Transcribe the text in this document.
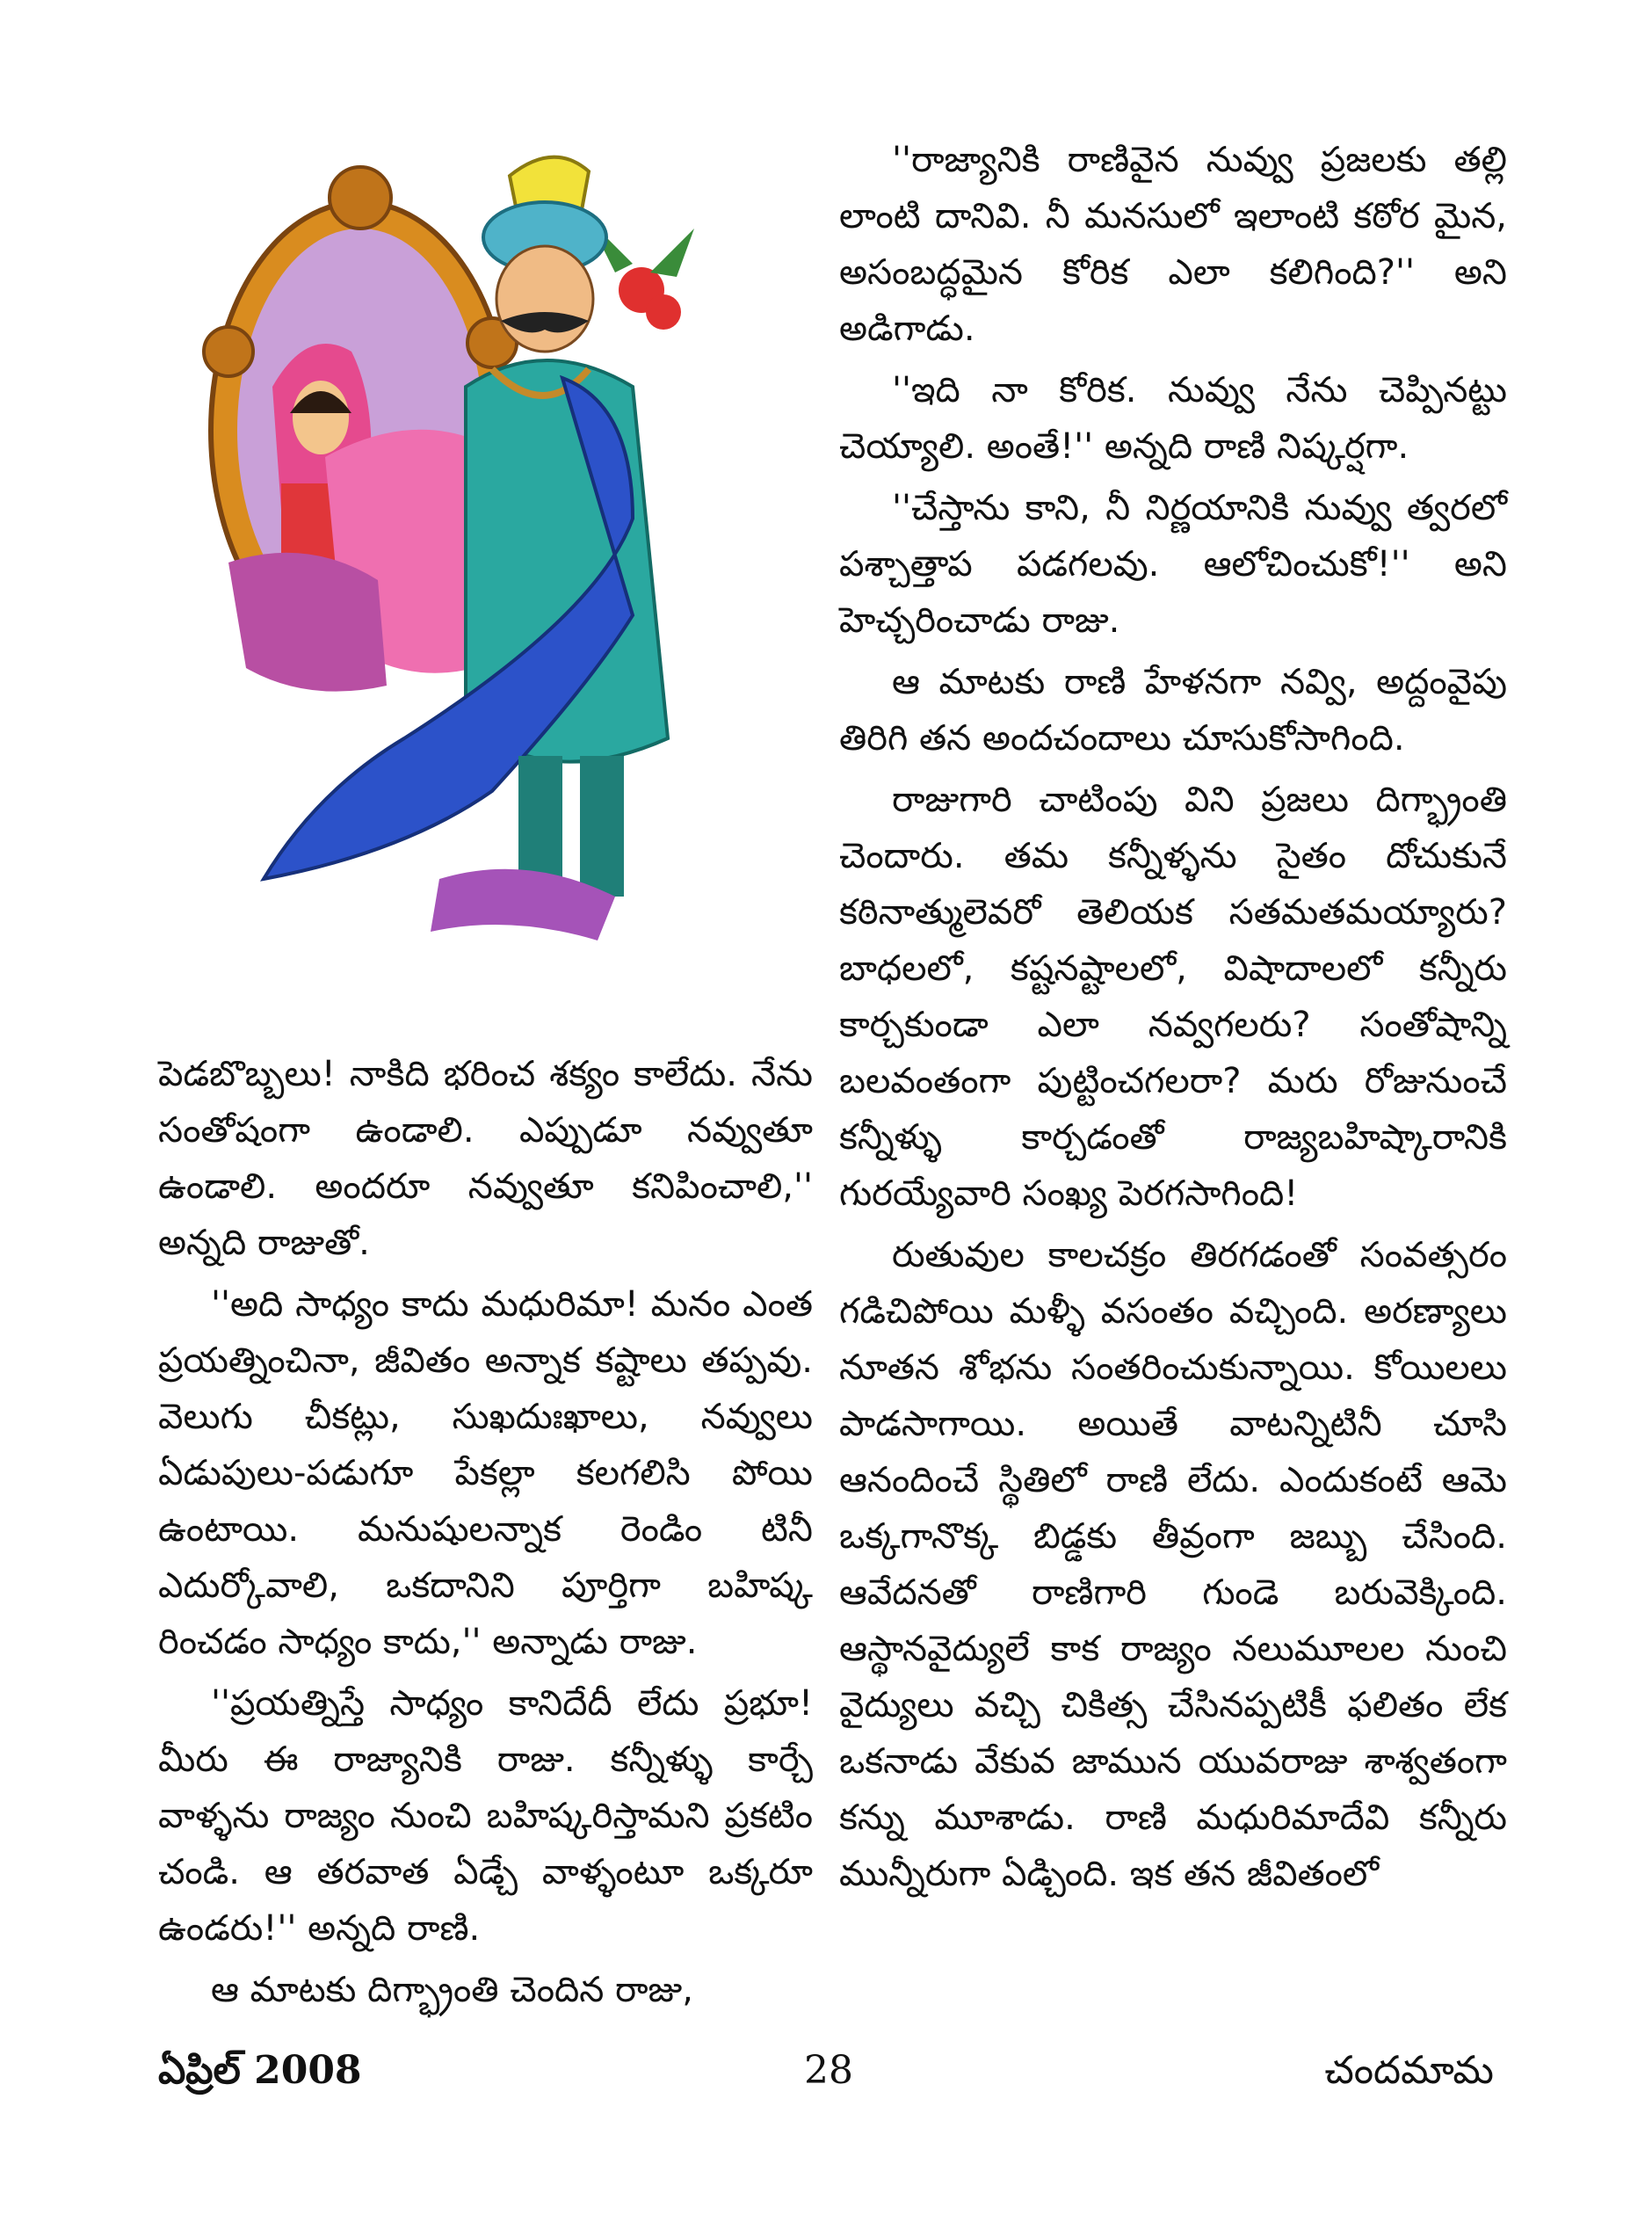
''రాజ్యానికి రాణివైన నువ్వు ప్రజలకు తల్లి లాంటి దానివి. నీ మనసులో ఇలాంటి కఠోర మైన, అసంబద్ధమైన కోరిక ఎలా కలిగింది?'' అని అడిగాడు.

''ఇది నా కోరిక. నువ్వు నేను చెప్పినట్టు చెయ్యాలి. అంతే!'' అన్నది రాణి నిష్కర్షగా.

''చేస్తాను కాని, నీ నిర్ణయానికి నువ్వు త్వరలో పశ్చాత్తాప పడగలవు. ఆలోచించుకో!'' అని హెచ్చరించాడు రాజు.

ఆ మాటకు రాణి హేళనగా నవ్వి, అద్దంవైపు తిరిగి తన అందచందాలు చూసుకోసాగింది.

రాజుగారి చాటింపు విని ప్రజలు దిగ్భ్రాంతి చెందారు. తమ కన్నీళ్ళను సైతం దోచుకునే కఠినాత్ములెవరో తెలియక సతమతమయ్యారు? బాధలలో, కష్టనష్టాలలో, విషాదాలలో కన్నీరు కార్చకుండా ఎలా నవ్వగలరు? సంతోషాన్ని బలవంతంగా పుట్టించగలరా? మరు రోజునుంచే కన్నీళ్ళు కార్చడంతో రాజ్యబహిష్కారానికి గురయ్యేవారి సంఖ్య పెరగసాగింది!

రుతువుల కాలచక్రం తిరగడంతో సంవత్సరం గడిచిపోయి మళ్ళీ వసంతం వచ్చింది. అరణ్యాలు నూతన శోభను సంతరించుకున్నాయి. కోయిలలు పాడసాగాయి. అయితే వాటన్నిటినీ చూసి ఆనందించే స్థితిలో రాణి లేదు. ఎందుకంటే ఆమె ఒక్కగానొక్క బిడ్డకు తీవ్రంగా జబ్బు చేసింది. ఆవేదనతో రాణిగారి గుండె బరువెక్కింది. ఆస్థానవైద్యులే కాక రాజ్యం నలుమూలల నుంచి వైద్యులు వచ్చి చికిత్స చేసినప్పటికీ ఫలితం లేక ఒకనాడు వేకువ జామున యువరాజు శాశ్వతంగా కన్ను మూశాడు. రాణి మధురిమాదేవి కన్నీరు మున్నీరుగా ఏడ్చింది. ఇక తన జీవితంలో

పెడబొబ్బలు! నాకిది భరించ శక్యం కాలేదు. నేను సంతోషంగా ఉండాలి. ఎప్పుడూ నవ్వుతూ ఉండాలి. అందరూ నవ్వుతూ కనిపించాలి,'' అన్నది రాజుతో.

''అది సాధ్యం కాదు మధురిమా! మనం ఎంత ప్రయత్నించినా, జీవితం అన్నాక కష్టాలు తప్పవు. వెలుగు చీకట్లు, సుఖదుఃఖాలు, నవ్వులు ఏడుపులు-పడుగూ పేకల్లా కలగలిసి పోయి ఉంటాయి. మనుషులన్నాక రెండిం టినీ ఎదుర్కోవాలి, ఒకదానిని పూర్తిగా బహిష్క రించడం సాధ్యం కాదు,'' అన్నాడు రాజు.

''ప్రయత్నిస్తే సాధ్యం కానిదేదీ లేదు ప్రభూ! మీరు ఈ రాజ్యానికి రాజు. కన్నీళ్ళు కార్చే వాళ్ళను రాజ్యం నుంచి బహిష్కరిస్తామని ప్రకటిం చండి. ఆ తరవాత ఏడ్చే వాళ్ళంటూ ఒక్కరూ ఉండరు!'' అన్నది రాణి.

ఆ మాటకు దిగ్భ్రాంతి చెందిన రాజు,

ఏప్రిల్ 2008	28	చందమామ
